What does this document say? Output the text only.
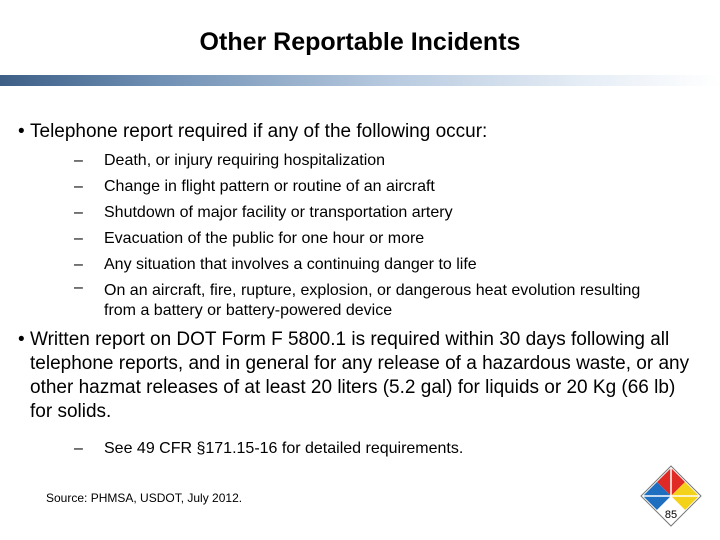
Other Reportable Incidents
• Telephone report required if any of the following occur:
– Death, or injury requiring hospitalization
– Change in flight pattern or routine of an aircraft
– Shutdown of major facility or transportation artery
– Evacuation of the public for one hour or more
– Any situation that involves a continuing danger to life
– On an aircraft, fire, rupture, explosion, or dangerous heat evolution resulting from a battery or battery-powered device
• Written report on DOT Form F 5800.1 is required within 30 days following all telephone reports, and in general for any release of a hazardous waste, or any other hazmat releases of at least 20 liters (5.2 gal) for liquids or 20 Kg (66 lb) for solids.
– See 49 CFR §171.15-16 for detailed requirements.
Source: PHMSA, USDOT, July 2012.
85
